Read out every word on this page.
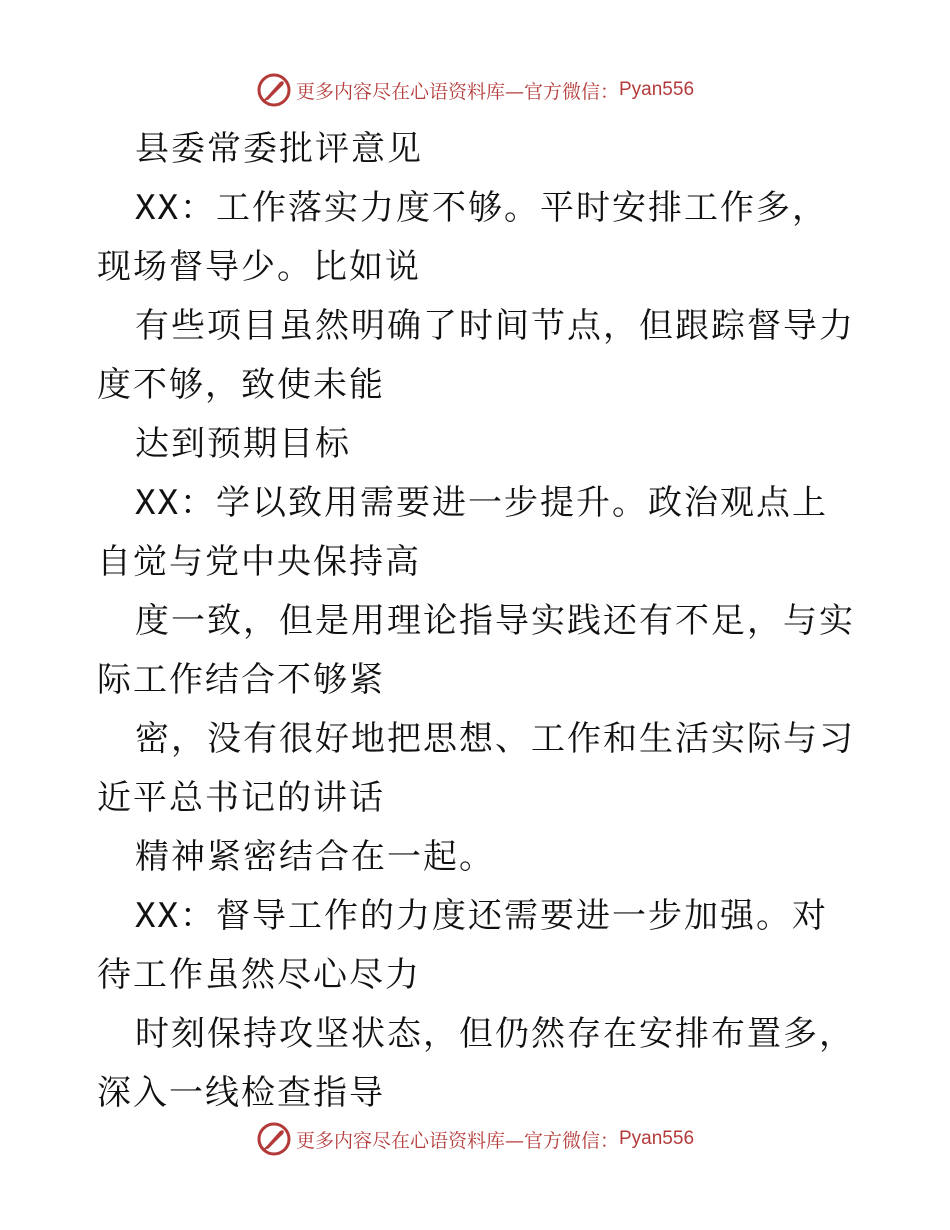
更多内容尽在心语资料库—官方微信： Pyan556

县委常委批评意见

XX：工作落实力度不够。平时安排工作多，现场督导少。比如说

有些项目虽然明确了时间节点，但跟踪督导力度不够，致使未能

达到预期目标

XX：学以致用需要进一步提升。政治观点上自觉与党中央保持高

度一致，但是用理论指导实践还有不足，与实际工作结合不够紧

密，没有很好地把思想、工作和生活实际与习近平总书记的讲话

精神紧密结合在一起。

XX：督导工作的力度还需要进一步加强。对待工作虽然尽心尽力

时刻保持攻坚状态，但仍然存在安排布置多，深入一线检查指导

更多内容尽在心语资料库—官方微信： Pyan556
